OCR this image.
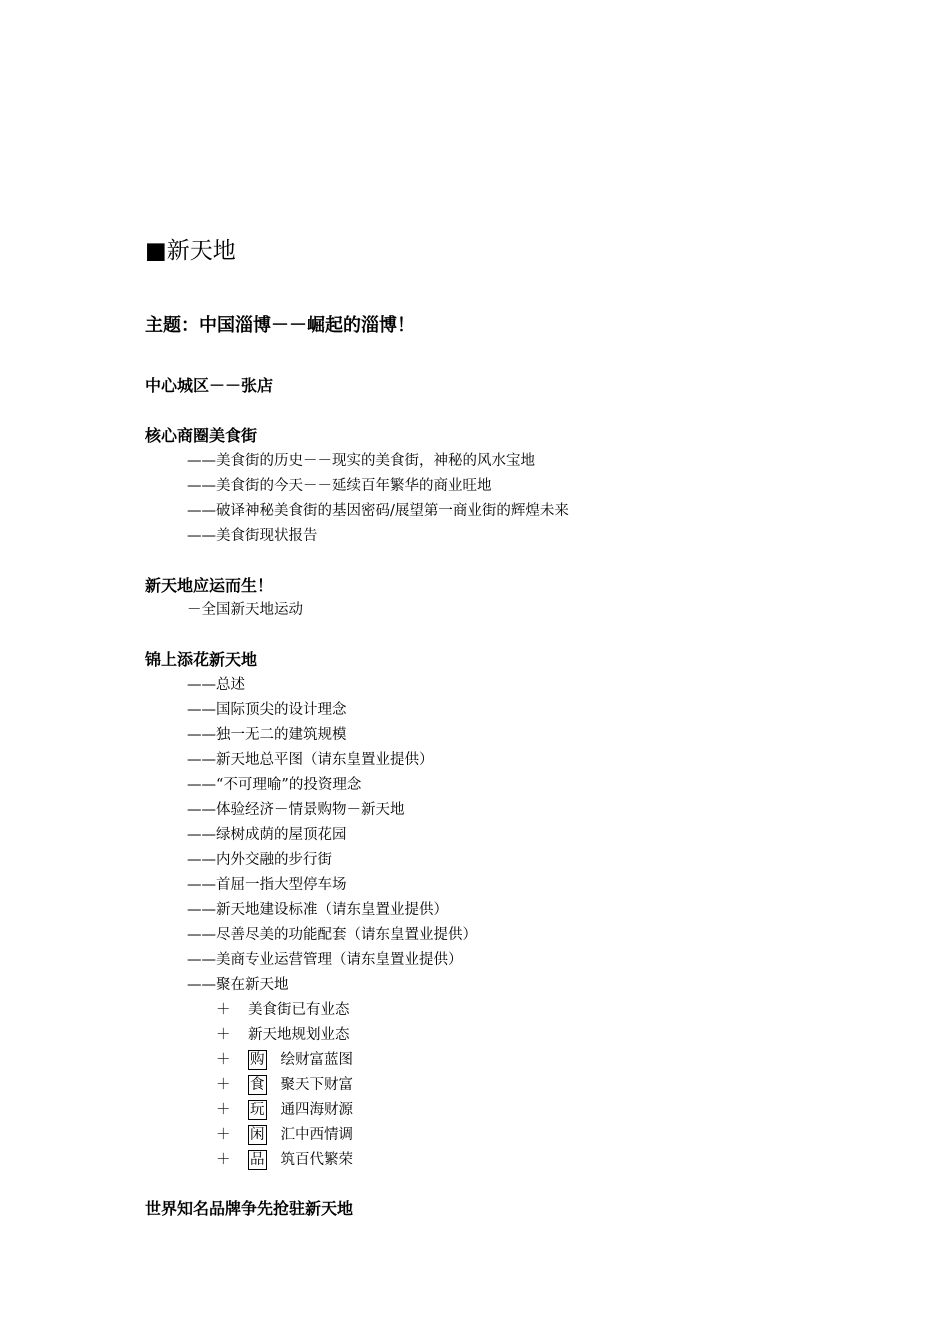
■新天地
主题：中国淄博－－崛起的淄博！
中心城区－－张店
核心商圈美食街
——美食街的历史－－现实的美食街，神秘的风水宝地
——美食街的今天－－延续百年繁华的商业旺地
——破译神秘美食街的基因密码/展望第一商业街的辉煌未来
——美食街现状报告
新天地应运而生！
－全国新天地运动
锦上添花新天地
——总述
——国际顶尖的设计理念
——独一无二的建筑规模
——新天地总平图（请东皇置业提供）
——“不可理喻”的投资理念
——体验经济－情景购物－新天地
——绿树成荫的屋顶花园
——内外交融的步行街
——首屈一指大型停车场
——新天地建设标准（请东皇置业提供）
——尽善尽美的功能配套（请东皇置业提供）
——美商专业运营管理（请东皇置业提供）
——聚在新天地
＋ 美食街已有业态
＋ 新天地规划业态
＋ 购 绘财富蓝图
＋ 食 聚天下财富
＋ 玩 通四海财源
＋ 闲 汇中西情调
＋ 品 筑百代繁荣
世界知名品牌争先抢驻新天地
